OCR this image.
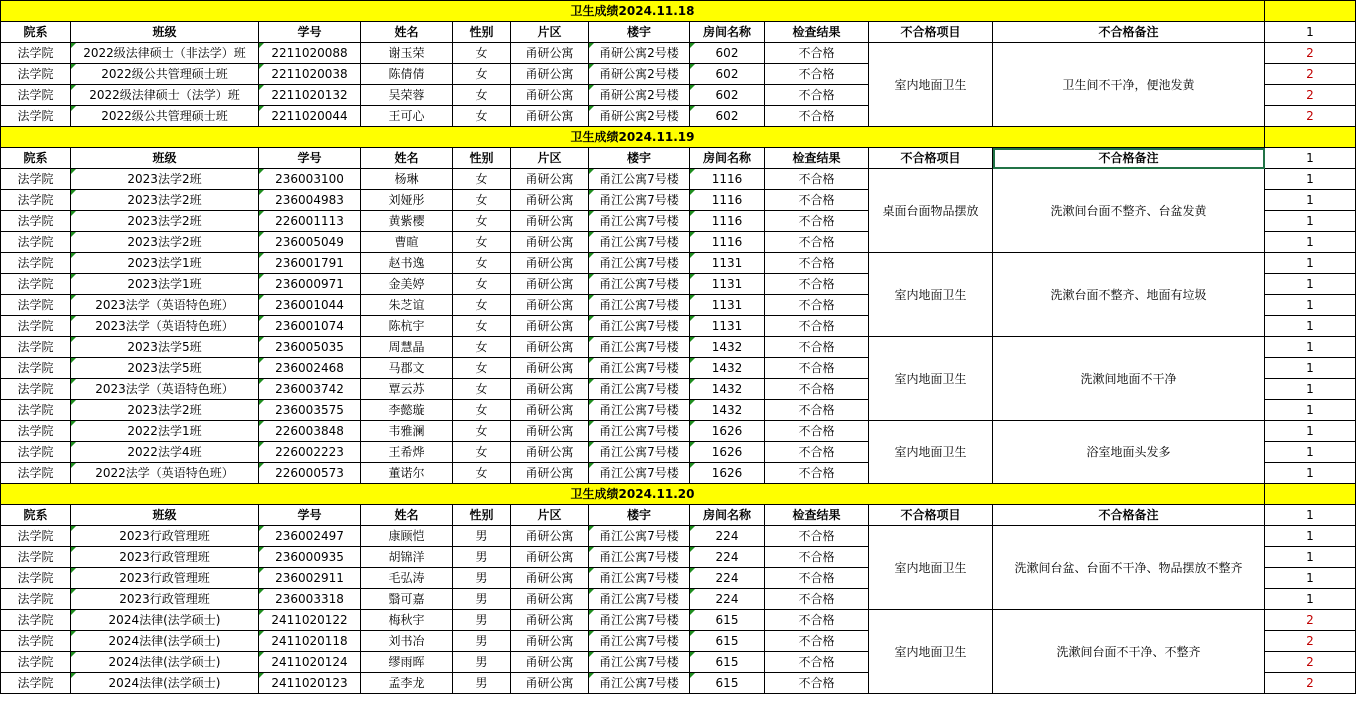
卫生成绩2024.11.18											
院系	班级	学号	姓名	性别	片区	楼宇	房间名称	检查结果	不合格项目	不合格备注	1
法学院	2022级法律硕士（非法学）班	2211020088	谢玉荣	女	甬研公寓	甬研公寓2号楼	602	不合格	室内地面卫生	卫生间不干净，便池发黄	2
法学院	2022级公共管理硕士班	2211020038	陈倩倩	女	甬研公寓	甬研公寓2号楼	602	不合格			2
法学院	2022级法律硕士（法学）班	2211020132	吴荣蓉	女	甬研公寓	甬研公寓2号楼	602	不合格			2
法学院	2022级公共管理硕士班	2211020044	王可心	女	甬研公寓	甬研公寓2号楼	602	不合格			2
卫生成绩2024.11.19											
院系	班级	学号	姓名	性别	片区	楼宇	房间名称	检查结果	不合格项目	不合格备注	1
法学院	2023法学2班	236003100	杨琳	女	甬研公寓	甬江公寓7号楼	1116	不合格	桌面台面物品摆放	洗漱间台面不整齐、台盆发黄	1
法学院	2023法学2班	236004983	刘娅彤	女	甬研公寓	甬江公寓7号楼	1116	不合格			1
法学院	2023法学2班	226001113	黄紫樱	女	甬研公寓	甬江公寓7号楼	1116	不合格			1
法学院	2023法学2班	236005049	曹暄	女	甬研公寓	甬江公寓7号楼	1116	不合格			1
法学院	2023法学1班	236001791	赵书逸	女	甬研公寓	甬江公寓7号楼	1131	不合格	室内地面卫生	洗漱台面不整齐、地面有垃圾	1
法学院	2023法学1班	236000971	金美婷	女	甬研公寓	甬江公寓7号楼	1131	不合格			1
法学院	2023法学（英语特色班）	236001044	朱芝谊	女	甬研公寓	甬江公寓7号楼	1131	不合格			1
法学院	2023法学（英语特色班）	236001074	陈杭宇	女	甬研公寓	甬江公寓7号楼	1131	不合格			1
法学院	2023法学5班	236005035	周慧晶	女	甬研公寓	甬江公寓7号楼	1432	不合格	室内地面卫生	洗漱间地面不干净	1
法学院	2023法学5班	236002468	马郡文	女	甬研公寓	甬江公寓7号楼	1432	不合格			1
法学院	2023法学（英语特色班）	236003742	覃云苏	女	甬研公寓	甬江公寓7号楼	1432	不合格			1
法学院	2023法学2班	236003575	李懿璇	女	甬研公寓	甬江公寓7号楼	1432	不合格			1
法学院	2022法学1班	226003848	韦雅澜	女	甬研公寓	甬江公寓7号楼	1626	不合格	室内地面卫生	浴室地面头发多	1
法学院	2022法学4班	226002223	王希烨	女	甬研公寓	甬江公寓7号楼	1626	不合格			1
法学院	2022法学（英语特色班）	226000573	董诺尔	女	甬研公寓	甬江公寓7号楼	1626	不合格			1
卫生成绩2024.11.20											
院系	班级	学号	姓名	性别	片区	楼宇	房间名称	检查结果	不合格项目	不合格备注	1
法学院	2023行政管理班	236002497	康顾恺	男	甬研公寓	甬江公寓7号楼	224	不合格	室内地面卫生	洗漱间台盆、台面不干净、物品摆放不整齐	1
法学院	2023行政管理班	236000935	胡锦洋	男	甬研公寓	甬江公寓7号楼	224	不合格			1
法学院	2023行政管理班	236002911	毛弘涛	男	甬研公寓	甬江公寓7号楼	224	不合格			1
法学院	2023行政管理班	236003318	翳可嘉	男	甬研公寓	甬江公寓7号楼	224	不合格			1
法学院	2024法律(法学硕士)	2411020122	梅秋宇	男	甬研公寓	甬江公寓7号楼	615	不合格	室内地面卫生	洗漱间台面不干净、不整齐	2
法学院	2024法律(法学硕士)	2411020118	刘书冶	男	甬研公寓	甬江公寓7号楼	615	不合格			2
法学院	2024法律(法学硕士)	2411020124	缪雨晖	男	甬研公寓	甬江公寓7号楼	615	不合格			2
法学院	2024法律(法学硕士)	2411020123	孟李龙	男	甬研公寓	甬江公寓7号楼	615	不合格			2
